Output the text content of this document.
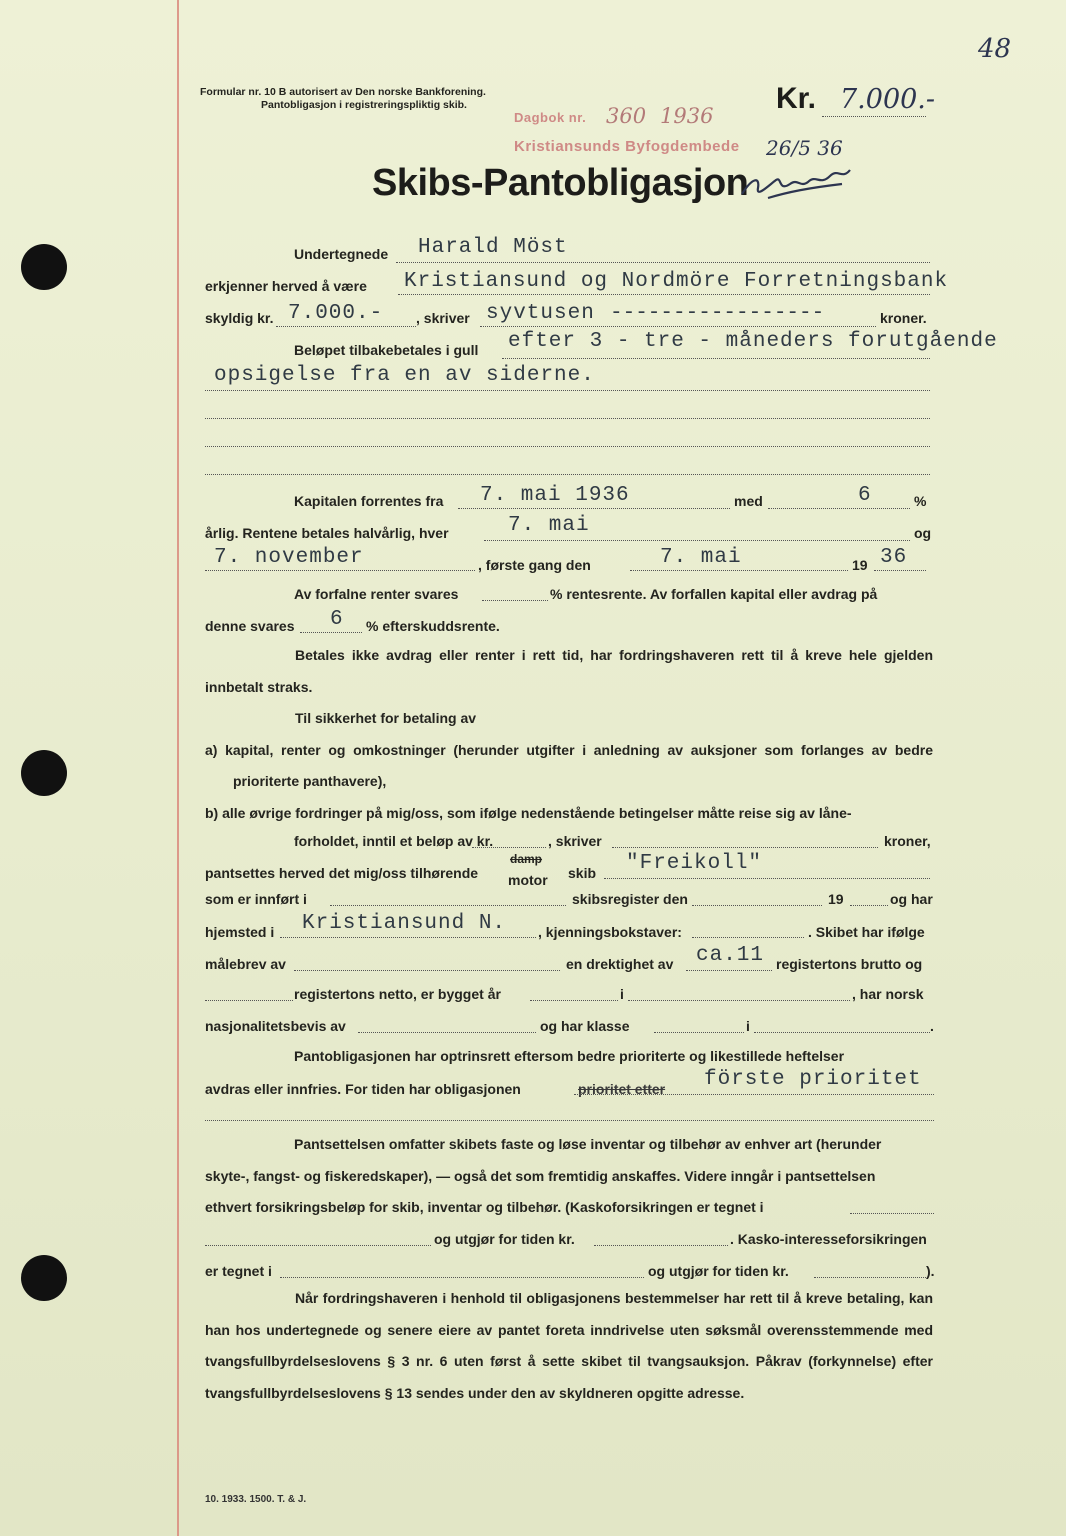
48
Formular nr. 10 B autorisert av Den norske Bankforening.
Pantobligasjon i registreringspliktig skib.	Kr. 7.000.-
Dagbok nr. 360 1936
Kristiansunds Byfogdembede 26/5 36
Skibs-Pantobligasjon
Undertegnede Harald Möst
erkjenner herved å være Kristiansund og Nordmöre Forretningsbank
skyldig kr. 7.000.- , skriver syvtusen -----------------	kroner.
Beløpet tilbakebetales i gull efter 3 - tre - måneders forutgående
opsigelse fra en av siderne.
Kapitalen forrentes fra 7. mai 1936	med	6	%
årlig. Rentene betales halvårlig, hver	7. mai	og
7. november	, første gang den	7. mai	19 36
Av forfalne renter svares	% rentesrente. Av forfallen kapital eller avdrag på
denne svares 6 % efterskuddsrente.

Betales ikke avdrag eller renter i rett tid, har fordringshaveren rett til å kreve hele gjelden innbetalt straks.

Til sikkerhet for betaling av

a) kapital, renter og omkostninger (herunder utgifter i anledning av auksjoner som forlanges av bedre prioriterte panthavere),

b) alle øvrige fordringer på mig/oss, som ifølge nedenstående betingelser måtte reise sig av låne-

forholdet, inntil et beløp av kr.	, skriver	kroner,
pantsettes herved det mig/oss tilhørende
damp
motor skib "Freikoll"
som er innført i	skibsregister den	19	og har
hjemsted i Kristiansund N. , kjenningsbokstaver:	. Skibet har ifølge
målebrev av	en drektighet av ca.11 registertons brutto og
registertons netto, er bygget år	i	, har norsk
nasjonalitetsbevis av	og har klasse	i	.
Pantobligasjonen har optrinsrett eftersom bedre prioriterte og likestillede heftelser
avdras eller innfries. For tiden har obligasjonen	prioritet etter förste prioritet
Pantsettelsen omfatter skibets faste og løse inventar og tilbehør av enhver art (herunder
skyte-, fangst- og fiskeredskaper), — også det som fremtidig anskaffes. Videre inngår i pantsettelsen
ethvert forsikringsbeløp for skib, inventar og tilbehør. (Kaskoforsikringen er tegnet i
og utgjør for tiden kr.	. Kasko-interesseforsikringen
er tegnet i	og utgjør for tiden kr.	).

Når fordringshaveren i henhold til obligasjonens bestemmelser har rett til å kreve betaling, kan han hos undertegnede og senere eiere av pantet foreta inndrivelse uten søksmål overensstemmende med tvangsfullbyrdelseslovens § 3 nr. 6 uten først å sette skibet til tvangsauksjon. Påkrav (forkynnelse) efter tvangsfullbyrdelseslovens § 13 sendes under den av skyldneren opgitte adresse.

10. 1933. 1500. T. & J.
